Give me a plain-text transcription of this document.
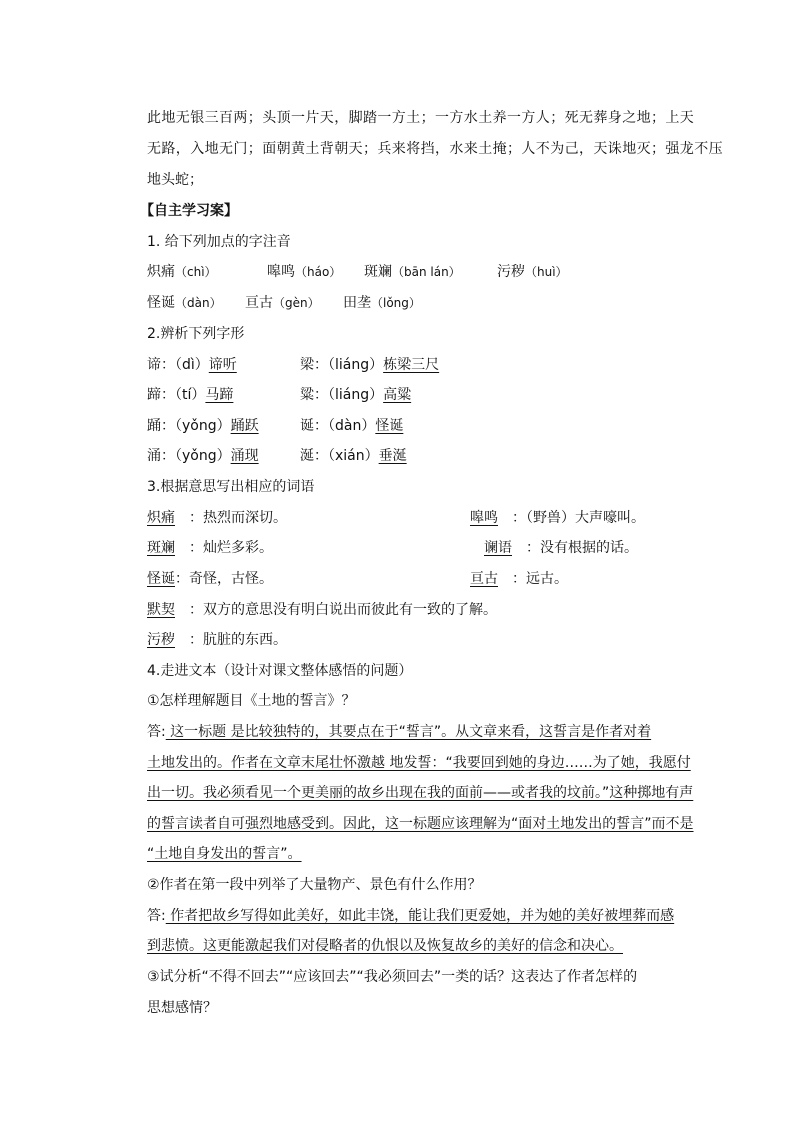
此地无银三百两；头顶一片天，脚踏一方土；一方水土养一方人；死无葬身之地；上天
无路，入地无门；面朝黄土背朝天；兵来将挡，水来土掩；人不为己，天诛地灭；强龙不压
地头蛇；
【自主学习案】
1. 给下列加点的字注音
炽痛（chì）	嗥鸣（háo） 斑斓（bān lán）	污秽（huì）
怪诞（dàn） 亘古（gèn） 田垄（lǒng）
2.辨析下列字形
谛：（dì）谛听	梁：（liáng）栋梁三尺
蹄：（tí）马蹄	粱：（liáng）高粱
踊：（yǒng）踊跃	诞：（dàn）怪诞
涌：（yǒng）涌现	涎：（xián）垂涎
3.根据意思写出相应的词语
炽痛 ：热烈而深切。	嗥鸣 ：（野兽）大声嚎叫。
斑斓 ：灿烂多彩。	谰语 ：没有根据的话。
怪诞：奇怪，古怪。	亘古 ：远古。
默契 ：双方的意思没有明白说出而彼此有一致的了解。
污秽 ：肮脏的东西。
4.走进文本（设计对课文整体感悟的问题）
①怎样理解题目《土地的誓言》？
答: 这一标题 是比较独特的，其要点在于“誓言”。从文章来看，这誓言是作者对着
土地发出的。作者在文章末尾壮怀激越 地发誓：“我要回到她的身边……为了她，我愿付
出一切。我必须看见一个更美丽的故乡出现在我的面前——或者我的坟前。”这种掷地有声
的誓言读者自可强烈地感受到。因此，这一标题应该理解为“面对土地发出的誓言”而不是
“土地自身发出的誓言”。
②作者在第一段中列举了大量物产、景色有什么作用？
答: 作者把故乡写得如此美好，如此丰饶，能让我们更爱她，并为她的美好被埋葬而感
到悲愤。这更能激起我们对侵略者的仇恨以及恢复故乡的美好的信念和决心。
③试分析“不得不回去”“应该回去”“我必须回去”一类的话？这表达了作者怎样的
思想感情？
